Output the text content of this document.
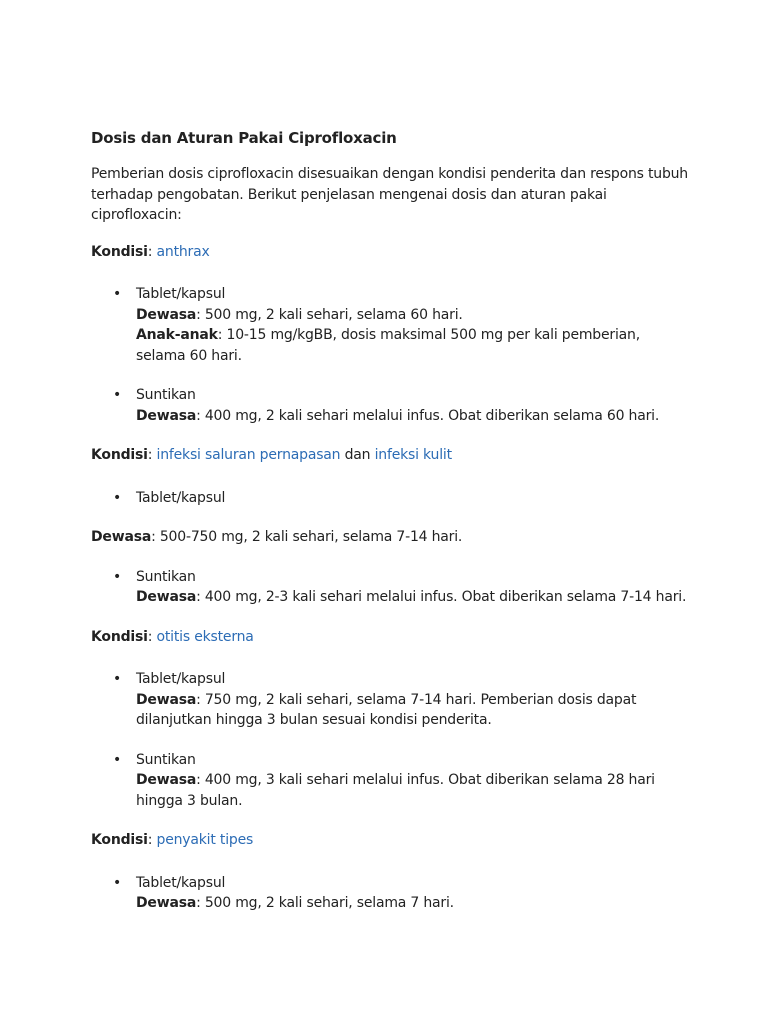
Dosis dan Aturan Pakai Ciprofloxacin

Pemberian dosis ciprofloxacin disesuaikan dengan kondisi penderita dan respons tubuh terhadap pengobatan. Berikut penjelasan mengenai dosis dan aturan pakai ciprofloxacin:

Kondisi: anthrax

• Tablet/kapsul
Dewasa: 500 mg, 2 kali sehari, selama 60 hari.
Anak-anak: 10-15 mg/kgBB, dosis maksimal 500 mg per kali pemberian, selama 60 hari.
• Suntikan
Dewasa: 400 mg, 2 kali sehari melalui infus. Obat diberikan selama 60 hari.

Kondisi: infeksi saluran pernapasan dan infeksi kulit

• Tablet/kapsul

Dewasa: 500-750 mg, 2 kali sehari, selama 7-14 hari.

• Suntikan
Dewasa: 400 mg, 2-3 kali sehari melalui infus. Obat diberikan selama 7-14 hari.

Kondisi: otitis eksterna

• Tablet/kapsul
Dewasa: 750 mg, 2 kali sehari, selama 7-14 hari. Pemberian dosis dapat dilanjutkan hingga 3 bulan sesuai kondisi penderita.
• Suntikan
Dewasa: 400 mg, 3 kali sehari melalui infus. Obat diberikan selama 28 hari hingga 3 bulan.

Kondisi: penyakit tipes

• Tablet/kapsul
Dewasa: 500 mg, 2 kali sehari, selama 7 hari.
